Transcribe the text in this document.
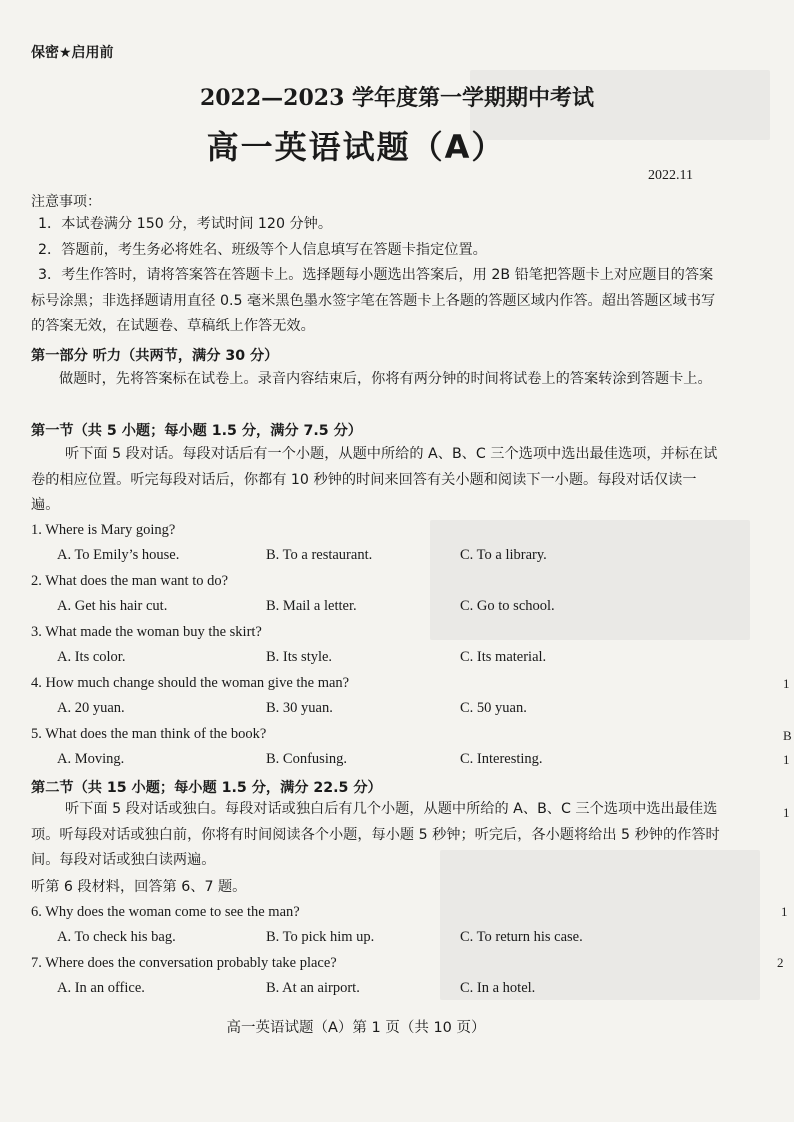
1
B
1
1
1
2
保密★启用前
2022—2023 学年度第一学期期中考试
高一英语试题（A）
2022.11
注意事项：
1．本试卷满分 150 分，考试时间 120 分钟。
2．答题前，考生务必将姓名、班级等个人信息填写在答题卡指定位置。
3．考生作答时，请将答案答在答题卡上。选择题每小题选出答案后，用 2B 铅笔把答题卡上对应题目的答案标号涂黑；非选择题请用直径 0.5 毫米黑色墨水签字笔在答题卡上各题的答题区域内作答。超出答题区域书写的答案无效，在试题卷、草稿纸上作答无效。
第一部分 听力（共两节，满分 30 分）
做题时，先将答案标在试卷上。录音内容结束后，你将有两分钟的时间将试卷上的答案转涂到答题卡上。
第一节（共 5 小题；每小题 1.5 分，满分 7.5 分）
听下面 5 段对话。每段对话后有一个小题，从题中所给的 A、B、C 三个选项中选出最佳选项，并标在试卷的相应位置。听完每段对话后，你都有 10 秒钟的时间来回答有关小题和阅读下一小题。每段对话仅读一遍。
1. Where is Mary going?
A. To Emily’s house.	B. To a restaurant.	C. To a library.
2. What does the man want to do?
A. Get his hair cut.	B. Mail a letter.	C. Go to school.
3. What made the woman buy the skirt?
A. Its color.	B. Its style.	C. Its material.
4. How much change should the woman give the man?
A. 20 yuan.	B. 30 yuan.	C. 50 yuan.
5. What does the man think of the book?
A. Moving.	B. Confusing.	C. Interesting.
第二节（共 15 小题；每小题 1.5 分，满分 22.5 分）
听下面 5 段对话或独白。每段对话或独白后有几个小题，从题中所给的 A、B、C 三个选项中选出最佳选项。听每段对话或独白前，你将有时间阅读各个小题，每小题 5 秒钟；听完后，各小题将给出 5 秒钟的作答时间。每段对话或独白读两遍。
听第 6 段材料，回答第 6、7 题。
6. Why does the woman come to see the man?
A. To check his bag.	B. To pick him up.	C. To return his case.
7. Where does the conversation probably take place?
A. In an office.	B. At an airport.	C. In a hotel.
高一英语试题（A）第 1 页（共 10 页）
